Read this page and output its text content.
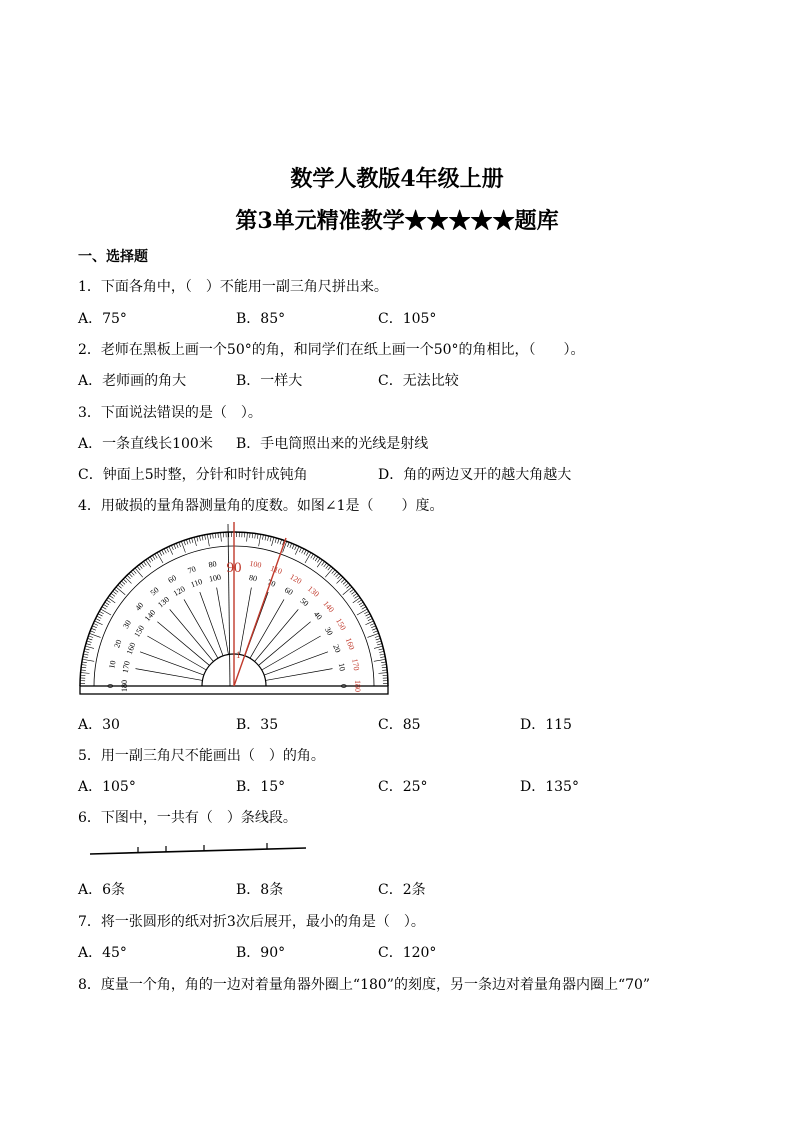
数学人教版4年级上册
第3单元精准教学★★★★★题库
一、选择题
1．下面各角中，（　）不能用一副三角尺拼出来。
A．75°	B．85°	C．105°
2．老师在黑板上画一个50°的角，和同学们在纸上画一个50°的角相比，（　　）。
A．老师画的角大	B．一样大	C．无法比较
3．下面说法错误的是（　）。
A．一条直线长100米 B．手电筒照出来的光线是射线
C．钟面上5时整，分针和时针成钝角	D．角的两边叉开的越大角越大
4．用破损的量角器测量角的度数。如图∠1是（　　）度。
0 180
10 170
20 160
30 150
40
140
50
130
60
120
70
110
80
100
100
80
110
70 120
60 130
50 140
40
150
30
160
20
170
10
180
0
90
1
A．30	B．35	C．85	D．115
5．用一副三角尺不能画出（　）的角。
A．105°	B．15°	C．25°	D．135°
6．下图中，一共有（　）条线段。
A．6条	B．8条	C．2条
7．将一张圆形的纸对折3次后展开，最小的角是（　）。
A．45°	B．90°	C．120°
8．度量一个角，角的一边对着量角器外圈上“180”的刻度，另一条边对着量角器内圈上“70”
